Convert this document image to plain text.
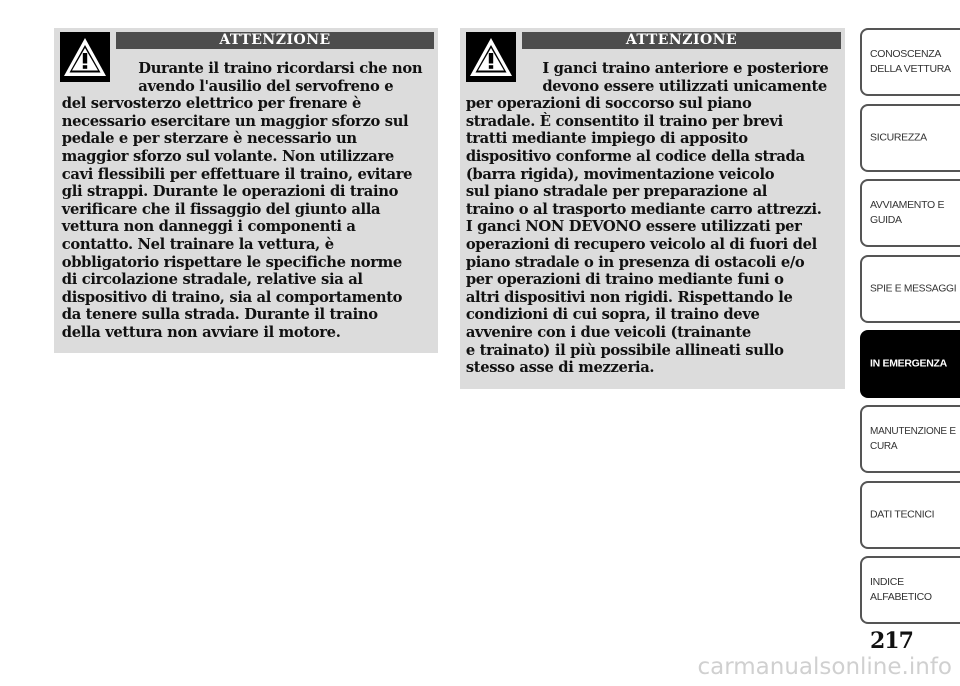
ATTENZIONE

Durante il traino ricordarsi che non
avendo l'ausilio del servofreno e
del servosterzo elettrico per frenare è
necessario esercitare un maggior sforzo sul
pedale e per sterzare è necessario un
maggior sforzo sul volante. Non utilizzare
cavi flessibili per effettuare il traino, evitare
gli strappi. Durante le operazioni di traino
verificare che il fissaggio del giunto alla
vettura non danneggi i componenti a
contatto. Nel trainare la vettura, è
obbligatorio rispettare le specifiche norme
di circolazione stradale, relative sia al
dispositivo di traino, sia al comportamento
da tenere sulla strada. Durante il traino
della vettura non avviare il motore.

ATTENZIONE

I ganci traino anteriore e posteriore
devono essere utilizzati unicamente
per operazioni di soccorso sul piano
stradale. È consentito il traino per brevi
tratti mediante impiego di apposito
dispositivo conforme al codice della strada
(barra rigida), movimentazione veicolo
sul piano stradale per preparazione al
traino o al trasporto mediante carro attrezzi.
I ganci NON DEVONO essere utilizzati per
operazioni di recupero veicolo al di fuori del
piano stradale o in presenza di ostacoli e/o
per operazioni di traino mediante funi o
altri dispositivi non rigidi. Rispettando le
condizioni di cui sopra, il traino deve
avvenire con i due veicoli (trainante
e trainato) il più possibile allineati sullo
stesso asse di mezzeria.

CONOSCENZA
DELLA VETTURA
SICUREZZA
AVVIAMENTO E
GUIDA
SPIE E MESSAGGI
IN EMERGENZA
MANUTENZIONE E
CURA
DATI TECNICI
INDICE
ALFABETICO
217
carmanualsonline.info
